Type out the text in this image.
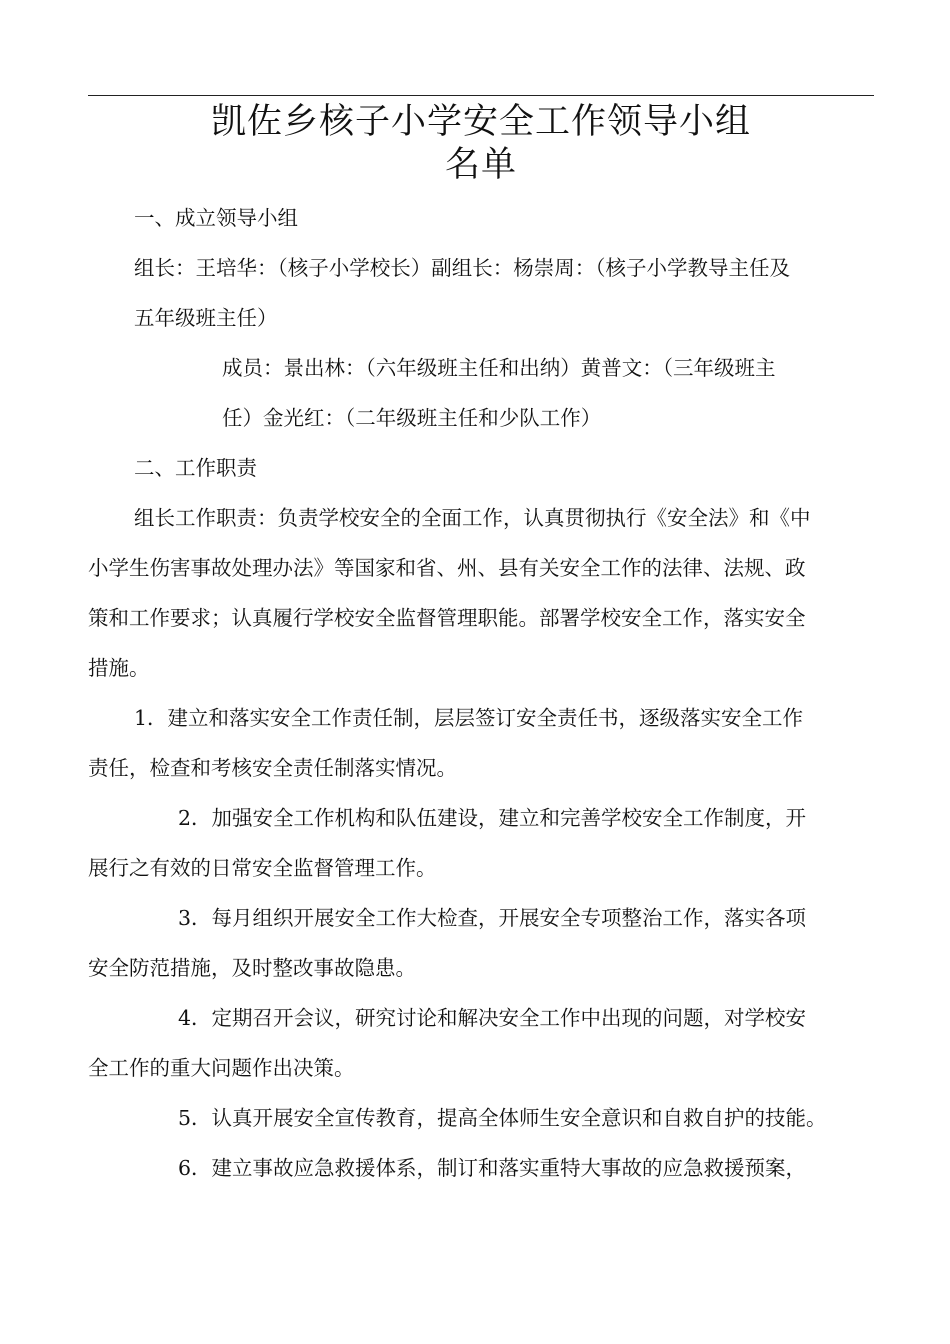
凯佐乡核子小学安全工作领导小组
名单

一、成立领导小组

组长：王培华：（核子小学校长）副组长：杨崇周：（核子小学教导主任及

五年级班主任）

成员：景出林：（六年级班主任和出纳）黄普文：（三年级班主

任）金光红：（二年级班主任和少队工作）

二、工作职责

组长工作职责：负责学校安全的全面工作，认真贯彻执行《安全法》和《中

小学生伤害事故处理办法》等国家和省、州、县有关安全工作的法律、法规、政

策和工作要求；认真履行学校安全监督管理职能。部署学校安全工作，落实安全

措施。

1．建立和落实安全工作责任制，层层签订安全责任书，逐级落实安全工作

责任，检查和考核安全责任制落实情况。

2．加强安全工作机构和队伍建设，建立和完善学校安全工作制度，开

展行之有效的日常安全监督管理工作。

3．每月组织开展安全工作大检查，开展安全专项整治工作，落实各项

安全防范措施，及时整改事故隐患。

4．定期召开会议，研究讨论和解决安全工作中出现的问题，对学校安

全工作的重大问题作出决策。

5．认真开展安全宣传教育，提高全体师生安全意识和自救自护的技能。

6．建立事故应急救援体系，制订和落实重特大事故的应急救援预案，
